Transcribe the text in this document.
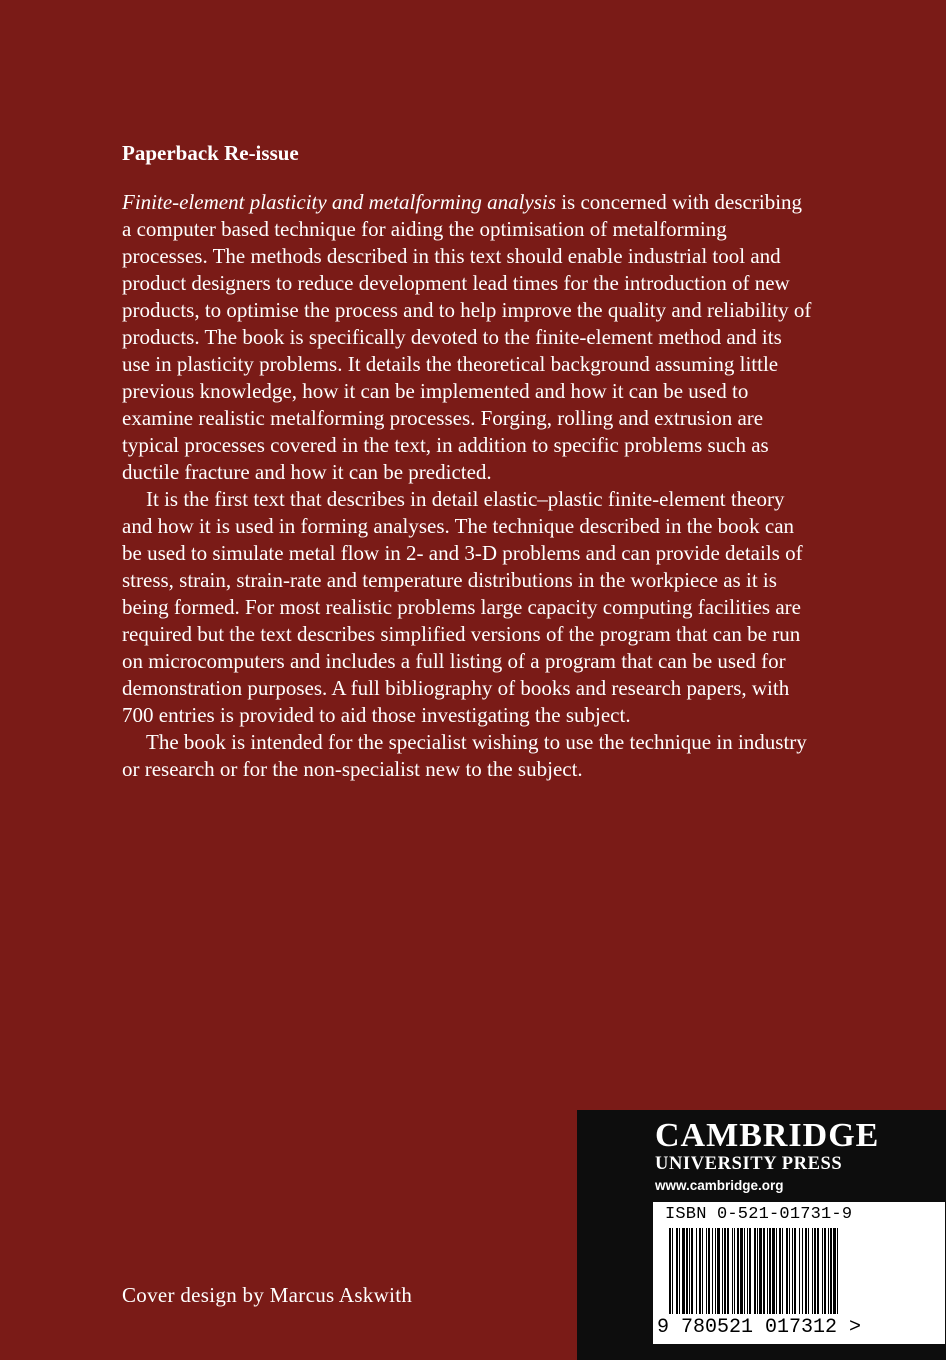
Paperback Re-issue

Finite-element plasticity and metalforming analysis is concerned with describing a computer based technique for aiding the optimisation of metalforming processes. The methods described in this text should enable industrial tool and product designers to reduce development lead times for the introduction of new products, to optimise the process and to help improve the quality and reliability of products. The book is specifically devoted to the finite-element method and its use in plasticity problems. It details the theoretical background assuming little previous knowledge, how it can be implemented and how it can be used to examine realistic metalforming processes. Forging, rolling and extrusion are typical processes covered in the text, in addition to specific problems such as ductile fracture and how it can be predicted.

It is the first text that describes in detail elastic–plastic finite-element theory and how it is used in forming analyses. The technique described in the book can be used to simulate metal flow in 2- and 3-D problems and can provide details of stress, strain, strain-rate and temperature distributions in the workpiece as it is being formed. For most realistic problems large capacity computing facilities are required but the text describes simplified versions of the program that can be run on microcomputers and includes a full listing of a program that can be used for demonstration purposes. A full bibliography of books and research papers, with 700 entries is provided to aid those investigating the subject.

The book is intended for the specialist wishing to use the technique in industry or research or for the non-specialist new to the subject.

Cover design by Marcus Askwith
CAMBRIDGE
UNIVERSITY PRESS
www.cambridge.org
ISBN 0-521-01731-9
9 780521 017312 >
